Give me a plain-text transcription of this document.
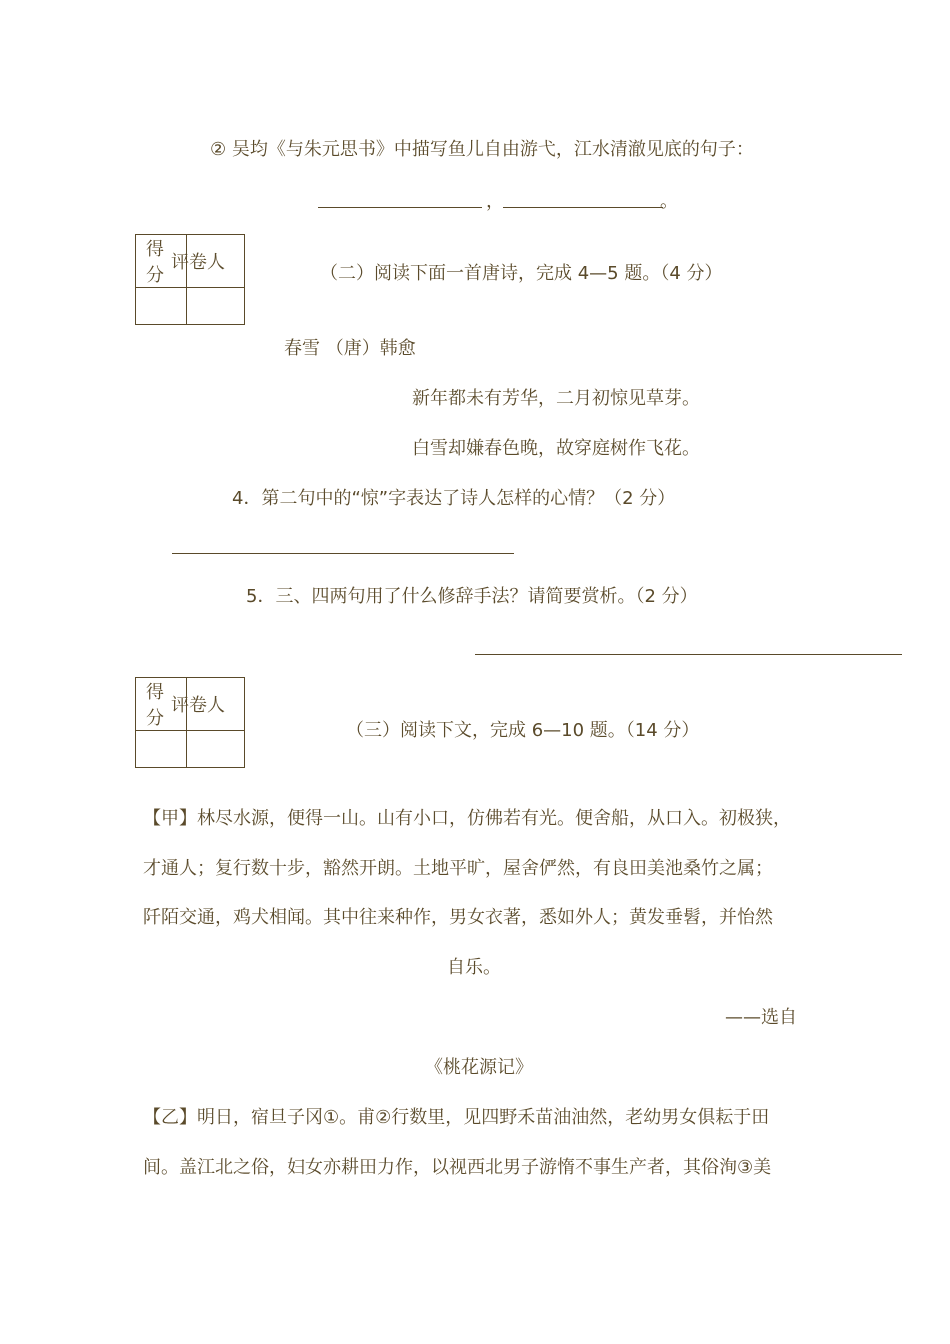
② 吴均《与朱元思书》中描写鱼儿自由游弋，江水清澈见底的句子：
，	。
得 分	评卷人

（二）阅读下面一首唐诗，完成 4—5 题。（4 分）
春雪 （唐）韩愈
新年都未有芳华，二月初惊见草芽。
白雪却嫌春色晚，故穿庭树作飞花。
4．第二句中的“惊”字表达了诗人怎样的心情？（2 分）
5．三、四两句用了什么修辞手法？请简要赏析。（2 分）
得 分	评卷人

（三）阅读下文，完成 6—10 题。（14 分）
【甲】林尽水源，便得一山。山有小口，仿佛若有光。便舍船，从口入。初极狭，
才通人；复行数十步，豁然开朗。土地平旷，屋舍俨然，有良田美池桑竹之属；
阡陌交通，鸡犬相闻。其中往来种作，男女衣著，悉如外人；黄发垂髫，并怡然
自乐。
——选自
《桃花源记》
【乙】明日，宿旦子冈①。甫②行数里，见四野禾苗油油然，老幼男女俱耘于田
间。盖江北之俗，妇女亦耕田力作，以视西北男子游惰不事生产者，其俗洵③美
